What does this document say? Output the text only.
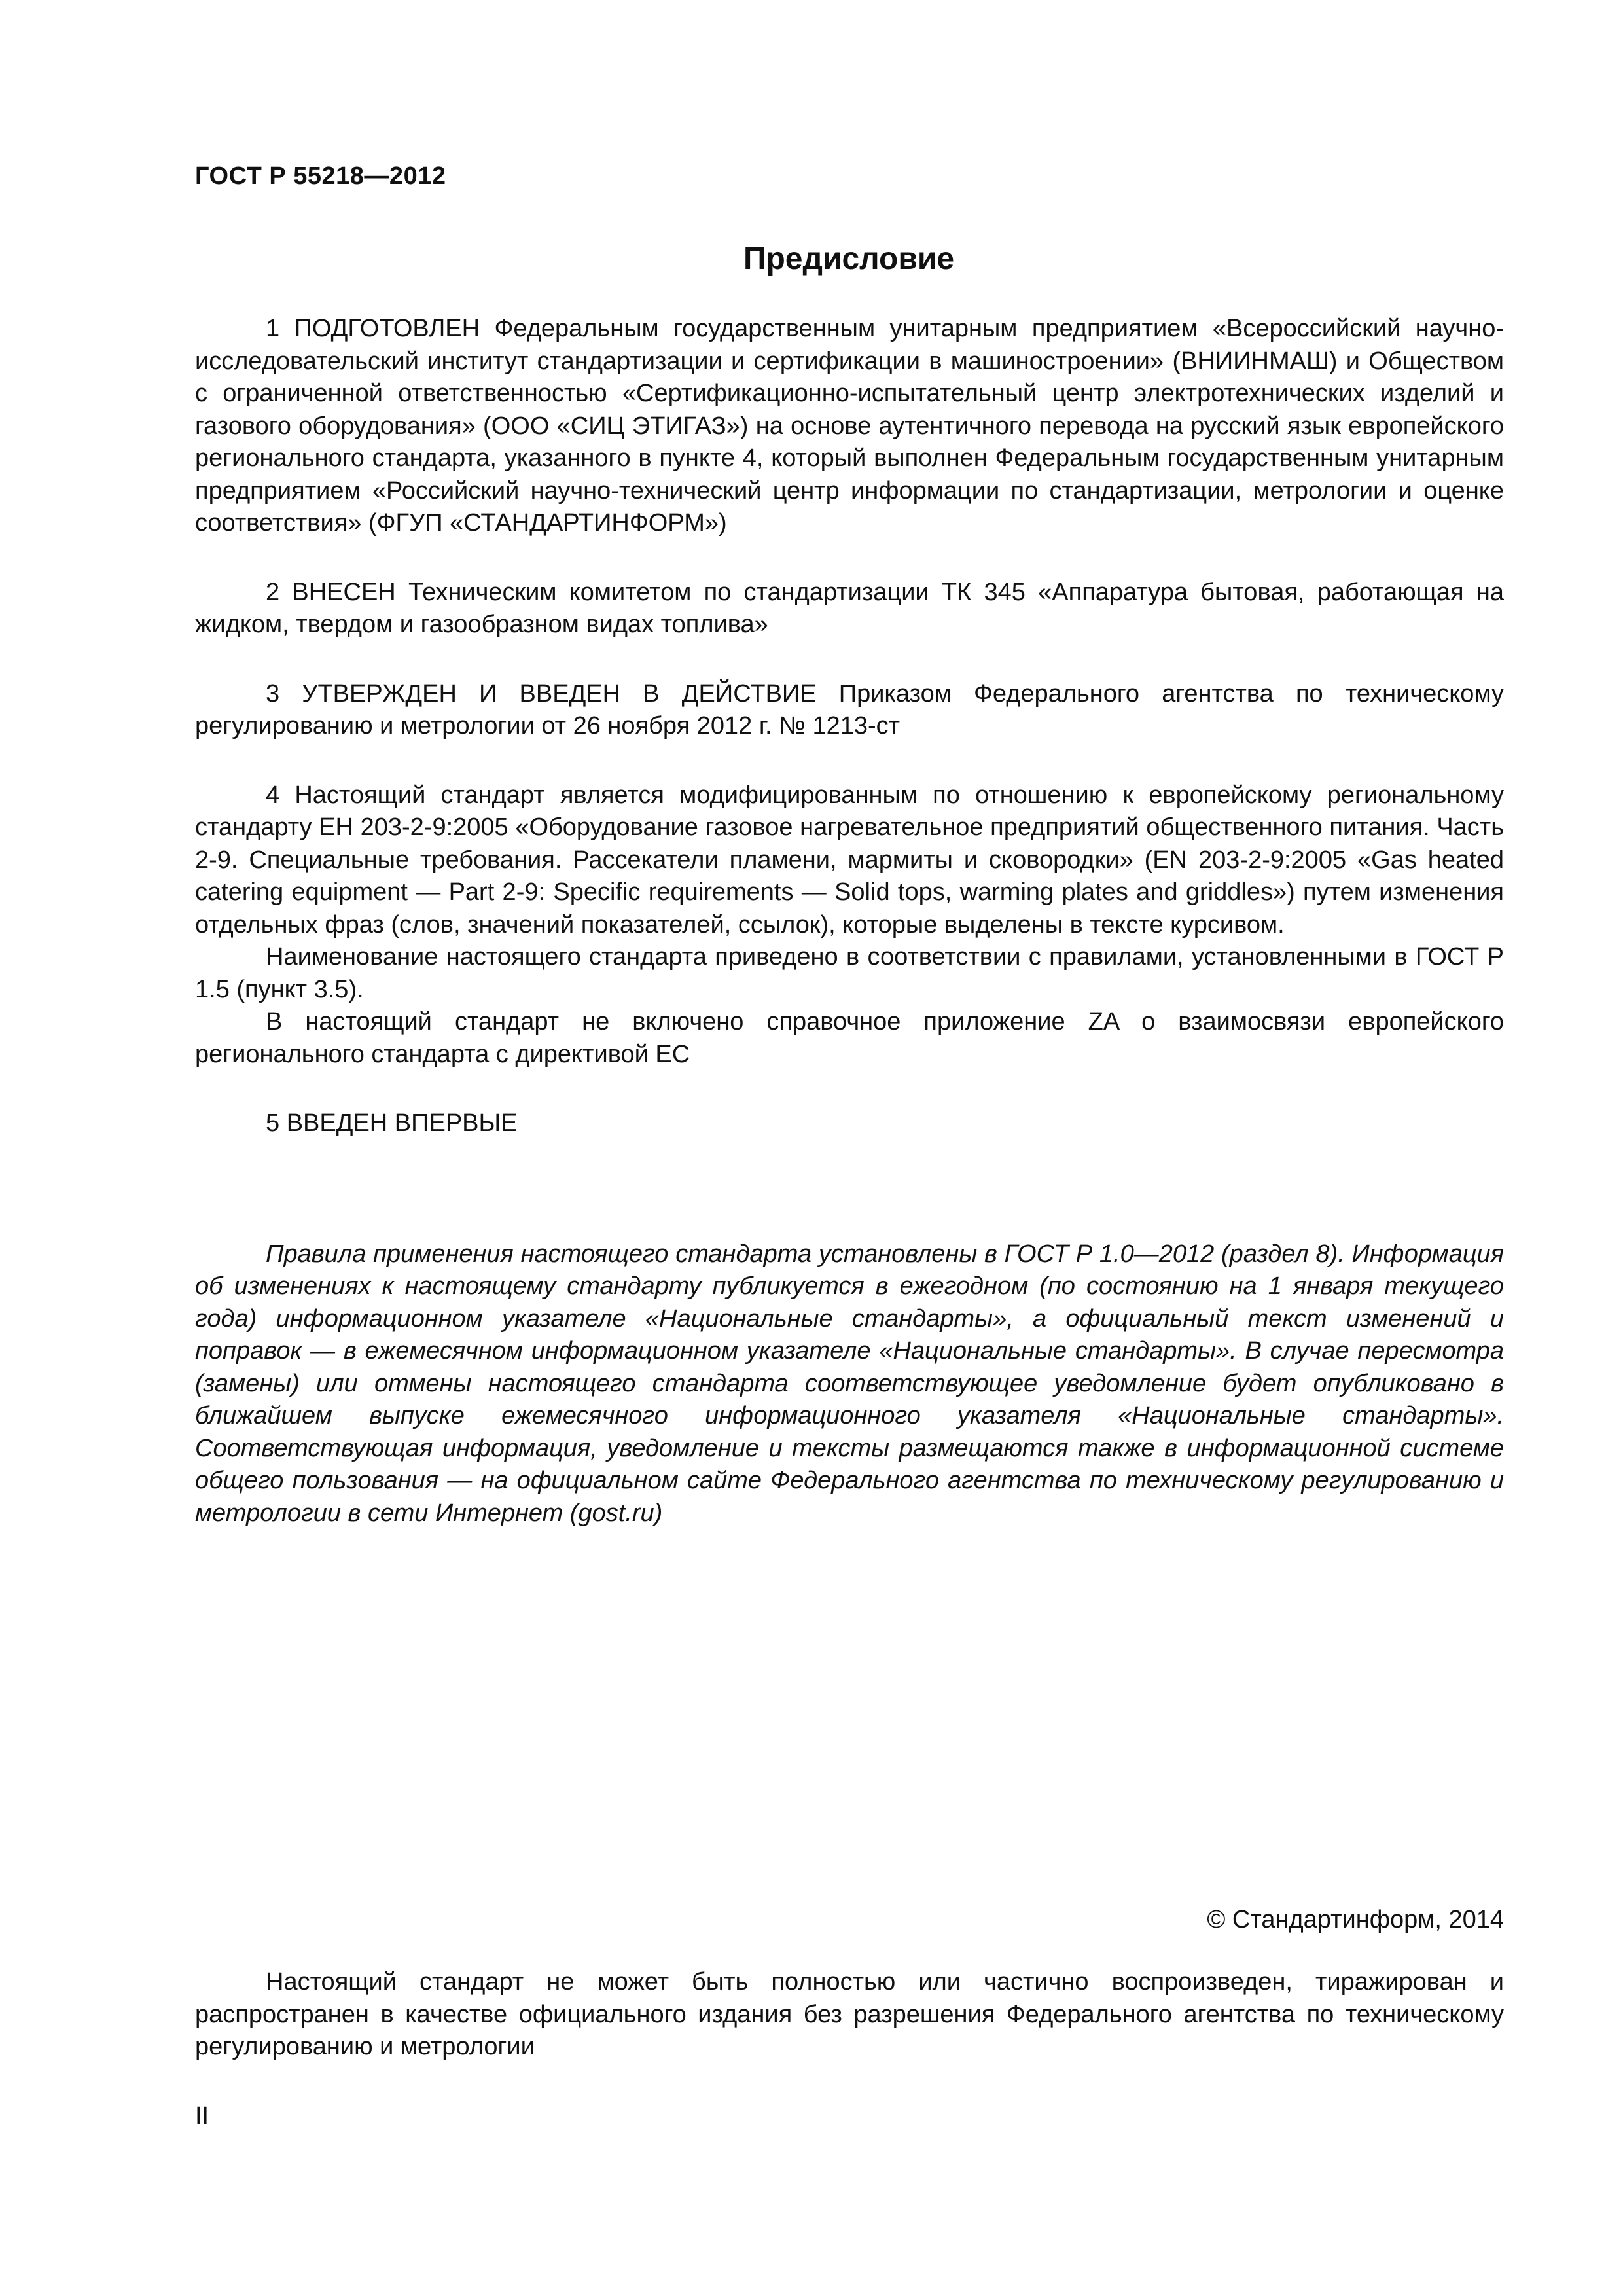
ГОСТ Р 55218—2012
Предисловие

1 ПОДГОТОВЛЕН Федеральным государственным унитарным предприятием «Всероссийский научно-исследовательский институт стандартизации и сертификации в машиностроении» (ВНИИНМАШ) и Обществом с ограниченной ответственностью «Сертификационно-испытательный центр электротехнических изделий и газового оборудования» (ООО «СИЦ ЭТИГАЗ») на основе аутентичного перевода на русский язык европейского регионального стандарта, указанного в пункте 4, который выполнен Федеральным государственным унитарным предприятием «Российский научно-технический центр информации по стандартизации, метрологии и оценке соответствия» (ФГУП «СТАНДАРТИНФОРМ»)

2 ВНЕСЕН Техническим комитетом по стандартизации ТК 345 «Аппаратура бытовая, работающая на жидком, твердом и газообразном видах топлива»

3 УТВЕРЖДЕН И ВВЕДЕН В ДЕЙСТВИЕ Приказом Федерального агентства по техническому регулированию и метрологии от 26 ноября 2012 г. № 1213-ст

4 Настоящий стандарт является модифицированным по отношению к европейскому региональному стандарту ЕН 203-2-9:2005 «Оборудование газовое нагревательное предприятий общественного питания. Часть 2-9. Специальные требования. Рассекатели пламени, мармиты и сковородки» (EN 203-2-9:2005 «Gas heated catering equipment — Part 2-9: Specific requirements — Solid tops, warming plates and griddles») путем изменения отдельных фраз (слов, значений показателей, ссылок), которые выделены в тексте курсивом.

Наименование настоящего стандарта приведено в соответствии с правилами, установленными в ГОСТ Р 1.5 (пункт 3.5).

В настоящий стандарт не включено справочное приложение ZA о взаимосвязи европейского регионального стандарта с директивой ЕС

5 ВВЕДЕН ВПЕРВЫЕ

Правила применения настоящего стандарта установлены в ГОСТ Р 1.0—2012 (раздел 8). Информация об изменениях к настоящему стандарту публикуется в ежегодном (по состоянию на 1 января текущего года) информационном указателе «Национальные стандарты», а официальный текст изменений и поправок — в ежемесячном информационном указателе «Национальные стандарты». В случае пересмотра (замены) или отмены настоящего стандарта соответствующее уведомление будет опубликовано в ближайшем выпуске ежемесячного информационного указателя «Национальные стандарты». Соответствующая информация, уведомление и тексты размещаются также в информационной системе общего пользования — на официальном сайте Федерального агентства по техническому регулированию и метрологии в сети Интернет (gost.ru)

© Стандартинформ, 2014

Настоящий стандарт не может быть полностью или частично воспроизведен, тиражирован и распространен в качестве официального издания без разрешения Федерального агентства по техническому регулированию и метрологии

II
